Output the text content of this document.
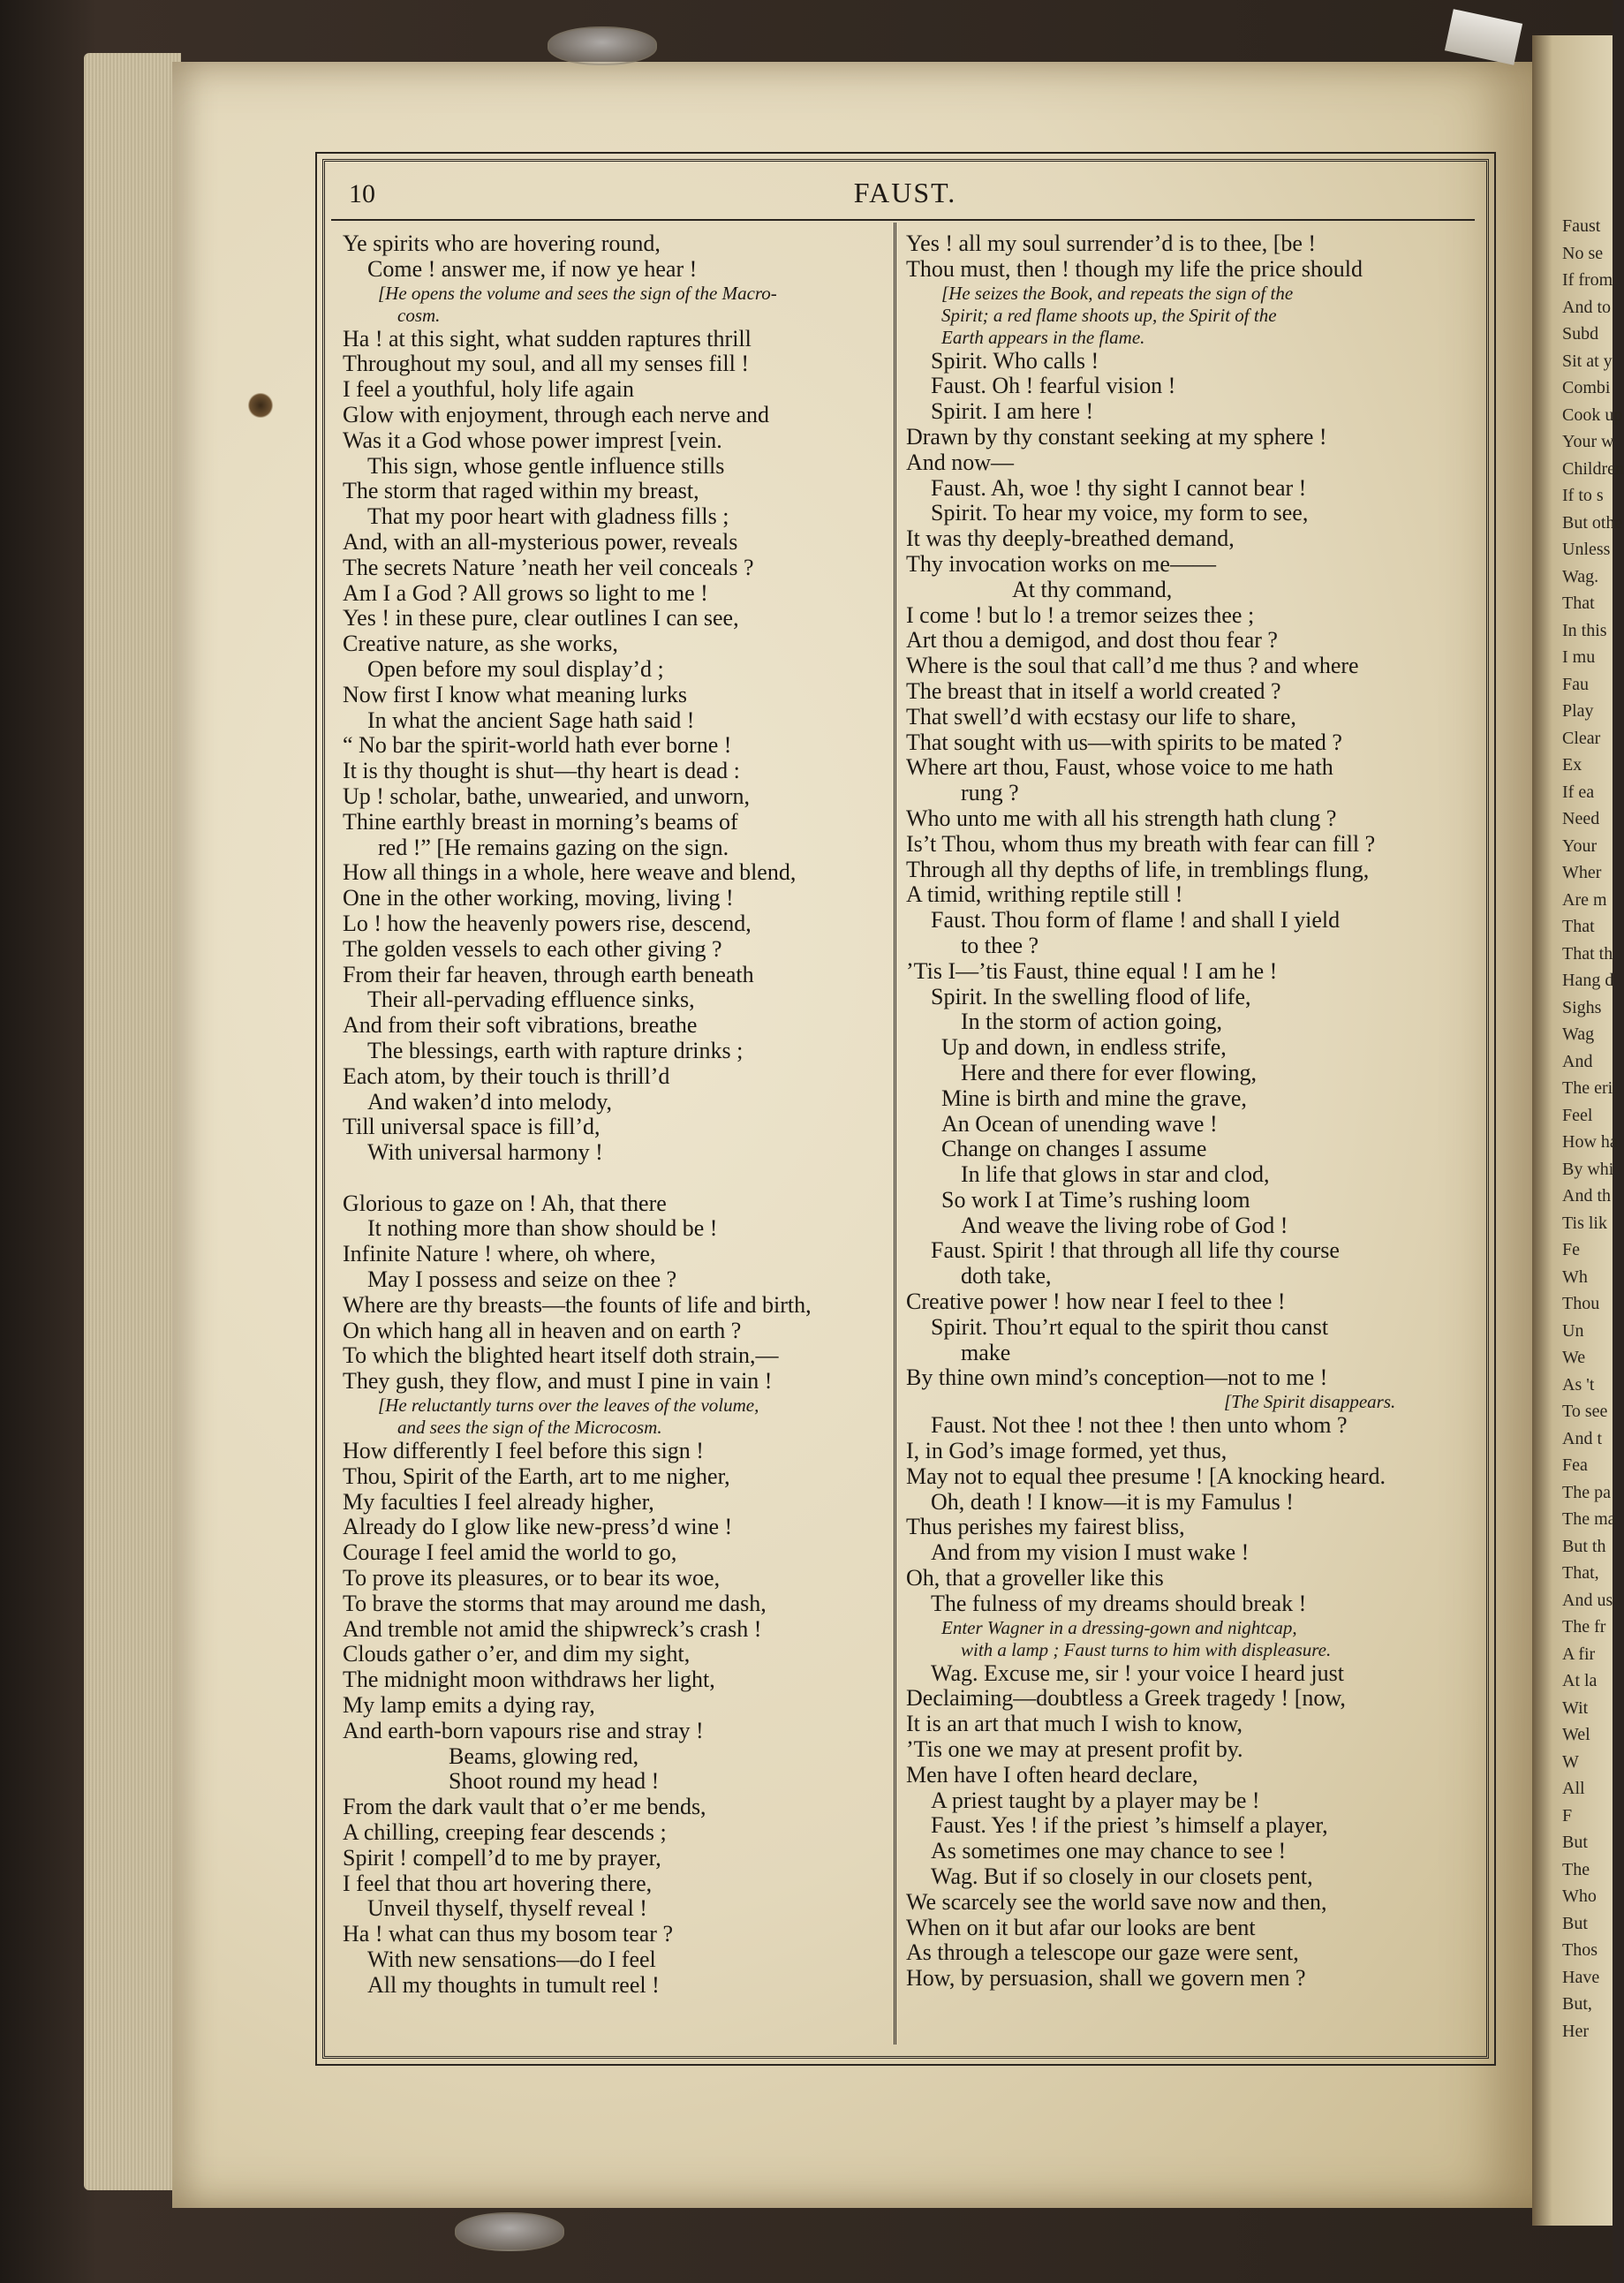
Faust
No se
If from
And to
Subd
Sit at y
Combi
Cook up
Your w
Children
If to s
But othe
Unless
Wag.
That
In this
I mu
Fau
Play
Clear
Ex
If ea
Need
Your
Wher
Are m
That
That th
Hang d
Sighs
Wag
And
The eri
Feel
How ha
By whi
And th
Tis lik
Fe
Wh
Thou
Un
We
As 't
To see
And t
Fea
The pa
The ma
But th
That,
And us
The fr
A fir
At la
Wit
Wel
W
All
F
But
The
Who
But
Thos
Have
But,
Her
10	FAUST.
Ye spirits who are hovering round,
Come ! answer me, if now ye hear !
[He opens the volume and sees the sign of the Macro-
cosm.
Ha ! at this sight, what sudden raptures thrill
Throughout my soul, and all my senses fill !
I feel a youthful, holy life again
Glow with enjoyment, through each nerve and
Was it a God whose power imprest [vein.
This sign, whose gentle influence stills
The storm that raged within my breast,
That my poor heart with gladness fills ;
And, with an all-mysterious power, reveals
The secrets Nature ’neath her veil conceals ?
Am I a God ? All grows so light to me !
Yes ! in these pure, clear outlines I can see,
Creative nature, as she works,
Open before my soul display’d ;
Now first I know what meaning lurks
In what the ancient Sage hath said !
“ No bar the spirit-world hath ever borne !
It is thy thought is shut—thy heart is dead :
Up ! scholar, bathe, unwearied, and unworn,
Thine earthly breast in morning’s beams of
red !” [He remains gazing on the sign.
How all things in a whole, here weave and blend,
One in the other working, moving, living !
Lo ! how the heavenly powers rise, descend,
The golden vessels to each other giving ?
From their far heaven, through earth beneath
Their all-pervading effluence sinks,
And from their soft vibrations, breathe
The blessings, earth with rapture drinks ;
Each atom, by their touch is thrill’d
And waken’d into melody,
Till universal space is fill’d,
With universal harmony !
Glorious to gaze on ! Ah, that there
It nothing more than show should be !
Infinite Nature ! where, oh where,
May I possess and seize on thee ?
Where are thy breasts—the founts of life and birth,
On which hang all in heaven and on earth ?
To which the blighted heart itself doth strain,—
They gush, they flow, and must I pine in vain !
[He reluctantly turns over the leaves of the volume,
and sees the sign of the Microcosm.
How differently I feel before this sign !
Thou, Spirit of the Earth, art to me nigher,
My faculties I feel already higher,
Already do I glow like new-press’d wine !
Courage I feel amid the world to go,
To prove its pleasures, or to bear its woe,
To brave the storms that may around me dash,
And tremble not amid the shipwreck’s crash !
Clouds gather o’er, and dim my sight,
The midnight moon withdraws her light,
My lamp emits a dying ray,
And earth-born vapours rise and stray !
Beams, glowing red,
Shoot round my head !
From the dark vault that o’er me bends,
A chilling, creeping fear descends ;
Spirit ! compell’d to me by prayer,
I feel that thou art hovering there,
Unveil thyself, thyself reveal !
Ha ! what can thus my bosom tear ?
With new sensations—do I feel
All my thoughts in tumult reel !
Yes ! all my soul surrender’d is to thee, [be !
Thou must, then ! though my life the price should
[He seizes the Book, and repeats the sign of the
Spirit; a red flame shoots up, the Spirit of the
Earth appears in the flame.
Spirit. Who calls !
Faust. Oh ! fearful vision !
Spirit. I am here !
Drawn by thy constant seeking at my sphere !
And now—
Faust. Ah, woe ! thy sight I cannot bear !
Spirit. To hear my voice, my form to see,
It was thy deeply-breathed demand,
Thy invocation works on me——
At thy command,
I come ! but lo ! a tremor seizes thee ;
Art thou a demigod, and dost thou fear ?
Where is the soul that call’d me thus ? and where
The breast that in itself a world created ?
That swell’d with ecstasy our life to share,
That sought with us—with spirits to be mated ?
Where art thou, Faust, whose voice to me hath
rung ?
Who unto me with all his strength hath clung ?
Is’t Thou, whom thus my breath with fear can fill ?
Through all thy depths of life, in tremblings flung,
A timid, writhing reptile still !
Faust. Thou form of flame ! and shall I yield
to thee ?
’Tis I—’tis Faust, thine equal ! I am he !
Spirit. In the swelling flood of life,
In the storm of action going,
Up and down, in endless strife,
Here and there for ever flowing,
Mine is birth and mine the grave,
An Ocean of unending wave !
Change on changes I assume
In life that glows in star and clod,
So work I at Time’s rushing loom
And weave the living robe of God !
Faust. Spirit ! that through all life thy course
doth take,
Creative power ! how near I feel to thee !
Spirit. Thou’rt equal to the spirit thou canst
make
By thine own mind’s conception—not to me !
[The Spirit disappears.
Faust. Not thee ! not thee ! then unto whom ?
I, in God’s image formed, yet thus,
May not to equal thee presume ! [A knocking heard.
Oh, death ! I know—it is my Famulus !
Thus perishes my fairest bliss,
And from my vision I must wake !
Oh, that a groveller like this
The fulness of my dreams should break !
Enter Wagner in a dressing-gown and nightcap,
with a lamp ; Faust turns to him with displeasure.
Wag. Excuse me, sir ! your voice I heard just
Declaiming—doubtless a Greek tragedy ! [now,
It is an art that much I wish to know,
’Tis one we may at present profit by.
Men have I often heard declare,
A priest taught by a player may be !
Faust. Yes ! if the priest ’s himself a player,
As sometimes one may chance to see !
Wag. But if so closely in our closets pent,
We scarcely see the world save now and then,
When on it but afar our looks are bent
As through a telescope our gaze were sent,
How, by persuasion, shall we govern men ?
